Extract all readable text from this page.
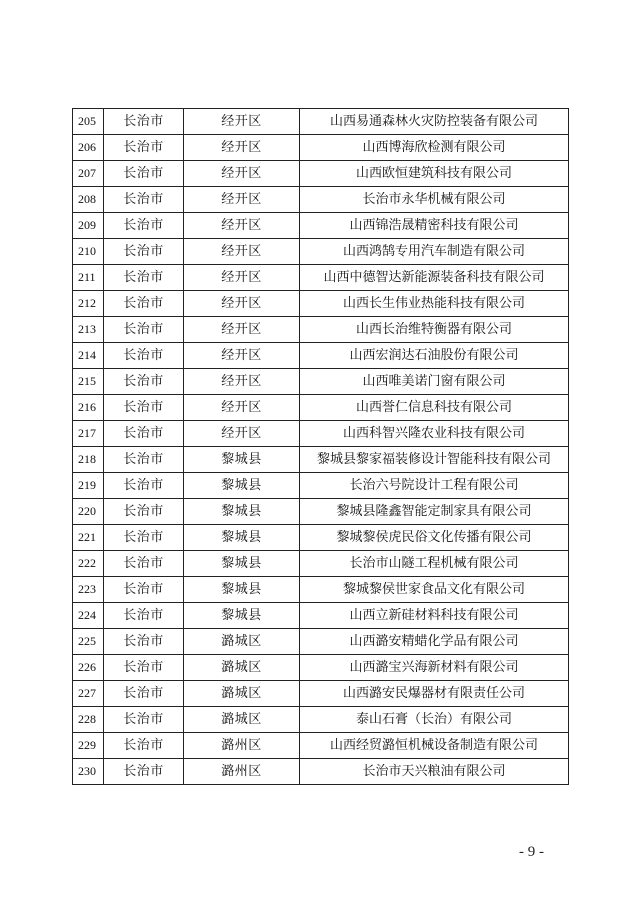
205	长治市	经开区	山西易通森林火灾防控装备有限公司
206	长治市	经开区	山西博海欣检测有限公司
207	长治市	经开区	山西欧恒建筑科技有限公司
208	长治市	经开区	长治市永华机械有限公司
209	长治市	经开区	山西锦浩晟精密科技有限公司
210	长治市	经开区	山西鸿鹄专用汽车制造有限公司
211	长治市	经开区	山西中德智达新能源装备科技有限公司
212	长治市	经开区	山西长生伟业热能科技有限公司
213	长治市	经开区	山西长治维特衡器有限公司
214	长治市	经开区	山西宏润达石油股份有限公司
215	长治市	经开区	山西唯美诺门窗有限公司
216	长治市	经开区	山西誉仁信息科技有限公司
217	长治市	经开区	山西科智兴隆农业科技有限公司
218	长治市	黎城县	黎城县黎家福装修设计智能科技有限公司
219	长治市	黎城县	长治六号院设计工程有限公司
220	长治市	黎城县	黎城县隆鑫智能定制家具有限公司
221	长治市	黎城县	黎城黎侯虎民俗文化传播有限公司
222	长治市	黎城县	长治市山隧工程机械有限公司
223	长治市	黎城县	黎城黎侯世家食品文化有限公司
224	长治市	黎城县	山西立新硅材料科技有限公司
225	长治市	潞城区	山西潞安精蜡化学品有限公司
226	长治市	潞城区	山西潞宝兴海新材料有限公司
227	长治市	潞城区	山西潞安民爆器材有限责任公司
228	长治市	潞城区	泰山石膏（长治）有限公司
229	长治市	潞州区	山西经贸潞恒机械设备制造有限公司
230	长治市	潞州区	长治市天兴粮油有限公司
- 9 -
